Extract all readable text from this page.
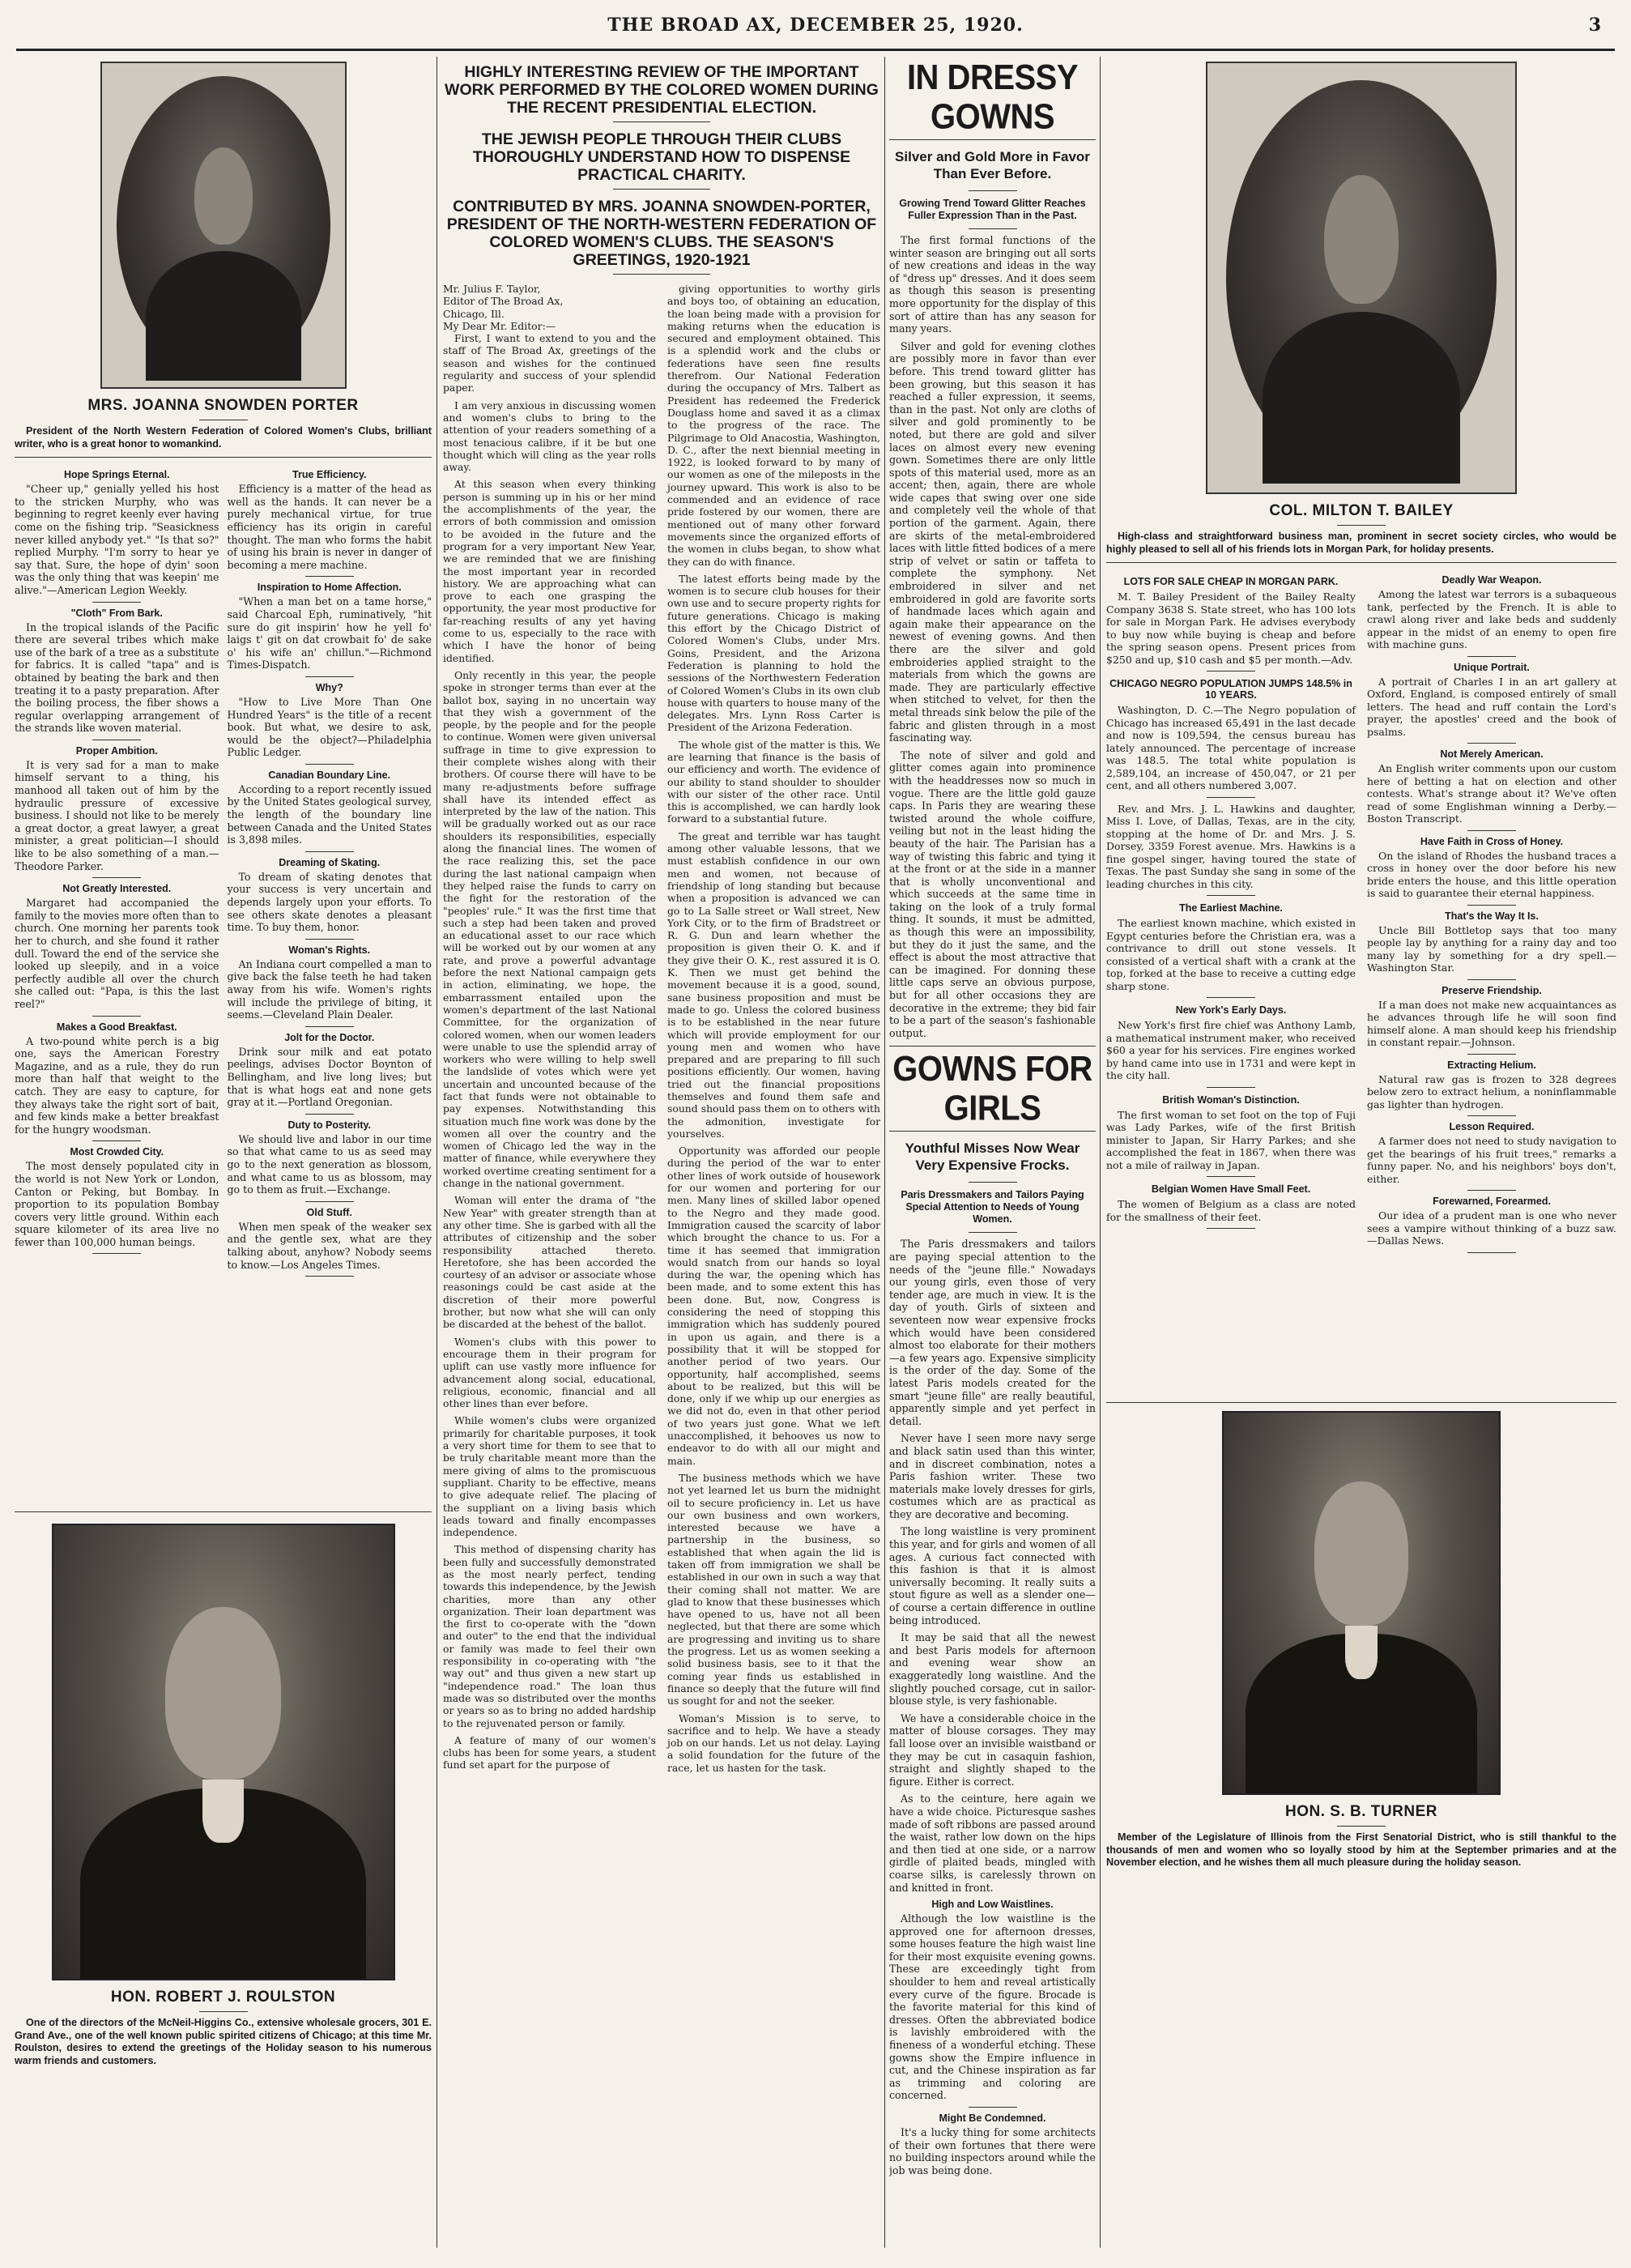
THE BROAD AX, DECEMBER 25, 1920.	3
MRS. JOANNA SNOWDEN PORTER

President of the North Western Federation of Colored Women's Clubs, brilliant writer, who is a great honor to womankind.

Hope Springs Eternal.

"Cheer up," genially yelled his host to the stricken Murphy, who was beginning to regret keenly ever having come on the fishing trip. "Seasickness never killed anybody yet." "Is that so?" replied Murphy. "I'm sorry to hear ye say that. Sure, the hope of dyin' soon was the only thing that was keepin' me alive."—American Legion Weekly.

"Cloth" From Bark.

In the tropical islands of the Pacific there are several tribes which make use of the bark of a tree as a substitute for fabrics. It is called "tapa" and is obtained by beating the bark and then treating it to a pasty preparation. After the boiling process, the fiber shows a regular overlapping arrangement of the strands like woven material.

Proper Ambition.

It is very sad for a man to make himself servant to a thing, his manhood all taken out of him by the hydraulic pressure of excessive business. I should not like to be merely a great doctor, a great lawyer, a great minister, a great politician—I should like to be also something of a man.—Theodore Parker.

Not Greatly Interested.

Margaret had accompanied the family to the movies more often than to church. One morning her parents took her to church, and she found it rather dull. Toward the end of the service she looked up sleepily, and in a voice perfectly audible all over the church she called out: "Papa, is this the last reel?"

Makes a Good Breakfast.

A two-pound white perch is a big one, says the American Forestry Magazine, and as a rule, they do run more than half that weight to the catch. They are easy to capture, for they always take the right sort of bait, and few kinds make a better breakfast for the hungry woodsman.

Most Crowded City.

The most densely populated city in the world is not New York or London, Canton or Peking, but Bombay. In proportion to its population Bombay covers very little ground. Within each square kilometer of its area live no fewer than 100,000 human beings.

True Efficiency.

Efficiency is a matter of the head as well as the hands. It can never be a purely mechanical virtue, for true efficiency has its origin in careful thought. The man who forms the habit of using his brain is never in danger of becoming a mere machine.

Inspiration to Home Affection.

"When a man bet on a tame horse," said Charcoal Eph, ruminatively, "hit sure do git inspirin' how he yell fo' laigs t' git on dat crowbait fo' de sake o' his wife an' chillun."—Richmond Times-Dispatch.

Why?

"How to Live More Than One Hundred Years" is the title of a recent book. But what, we desire to ask, would be the object?—Philadelphia Public Ledger.

Canadian Boundary Line.

According to a report recently issued by the United States geological survey, the length of the boundary line between Canada and the United States is 3,898 miles.

Dreaming of Skating.

To dream of skating denotes that your success is very uncertain and depends largely upon your efforts. To see others skate denotes a pleasant time. To buy them, honor.

Woman's Rights.

An Indiana court compelled a man to give back the false teeth he had taken away from his wife. Women's rights will include the privilege of biting, it seems.—Cleveland Plain Dealer.

Jolt for the Doctor.

Drink sour milk and eat potato peelings, advises Doctor Boynton of Bellingham, and live long lives; but that is what hogs eat and none gets gray at it.—Portland Oregonian.

Duty to Posterity.

We should live and labor in our time so that what came to us as seed may go to the next generation as blossom, and what came to us as blossom, may go to them as fruit.—Exchange.

Old Stuff.

When men speak of the weaker sex and the gentle sex, what are they talking about, anyhow? Nobody seems to know.—Los Angeles Times.

HON. ROBERT J. ROULSTON

One of the directors of the McNeil-Higgins Co., extensive wholesale grocers, 301 E. Grand Ave., one of the well known public spirited citizens of Chicago; at this time Mr. Roulston, desires to extend the greetings of the Holiday season to his numerous warm friends and customers.

HIGHLY INTERESTING REVIEW OF THE IMPORTANT WORK PERFORMED BY THE COLORED WOMEN DURING THE RECENT PRESIDENTIAL ELECTION.
THE JEWISH PEOPLE THROUGH THEIR CLUBS THOROUGHLY UNDERSTAND HOW TO DISPENSE PRACTICAL CHARITY.
CONTRIBUTED BY MRS. JOANNA SNOWDEN-PORTER, PRESIDENT OF THE NORTH-WESTERN FEDERATION OF COLORED WOMEN'S CLUBS. THE SEASON'S GREETINGS, 1920-1921

Mr. Julius F. Taylor,

Editor of The Broad Ax,

Chicago, Ill.

My Dear Mr. Editor:—

First, I want to extend to you and the staff of The Broad Ax, greetings of the season and wishes for the continued regularity and success of your splendid paper.

I am very anxious in discussing women and women's clubs to bring to the attention of your readers something of a most tenacious calibre, if it be but one thought which will cling as the year rolls away.

At this season when every thinking person is summing up in his or her mind the accomplishments of the year, the errors of both commission and omission to be avoided in the future and the program for a very important New Year, we are reminded that we are finishing the most important year in recorded history. We are approaching what can prove to each one grasping the opportunity, the year most productive for far-reaching results of any yet having come to us, especially to the race with which I have the honor of being identified.

Only recently in this year, the people spoke in stronger terms than ever at the ballot box, saying in no uncertain way that they wish a government of the people, by the people and for the people to continue. Women were given universal suffrage in time to give expression to their complete wishes along with their brothers. Of course there will have to be many re-adjustments before suffrage shall have its intended effect as interpreted by the law of the nation. This will be gradually worked out as our race shoulders its responsibilities, especially along the financial lines. The women of the race realizing this, set the pace during the last national campaign when they helped raise the funds to carry on the fight for the restoration of the "peoples' rule." It was the first time that such a step had been taken and proved an educational asset to our race which will be worked out by our women at any rate, and prove a powerful advantage before the next National campaign gets in action, eliminating, we hope, the embarrassment entailed upon the women's department of the last National Committee, for the organization of colored women, when our women leaders were unable to use the splendid array of workers who were willing to help swell the landslide of votes which were yet uncertain and uncounted because of the fact that funds were not obtainable to pay expenses. Notwithstanding this situation much fine work was done by the women all over the country and the women of Chicago led the way in the matter of finance, while everywhere they worked overtime creating sentiment for a change in the national government.

Woman will enter the drama of "the New Year" with greater strength than at any other time. She is garbed with all the attributes of citizenship and the sober responsibility attached thereto. Heretofore, she has been accorded the courtesy of an advisor or associate whose reasonings could be cast aside at the discretion of their more powerful brother, but now what she will can only be discarded at the behest of the ballot.

Women's clubs with this power to encourage them in their program for uplift can use vastly more influence for advancement along social, educational, religious, economic, financial and all other lines than ever before.

While women's clubs were organized primarily for charitable purposes, it took a very short time for them to see that to be truly charitable meant more than the mere giving of alms to the promiscuous suppliant. Charity to be effective, means to give adequate relief. The placing of the suppliant on a living basis which leads toward and finally encompasses independence.

This method of dispensing charity has been fully and successfully demonstrated as the most nearly perfect, tending towards this independence, by the Jewish charities, more than any other organization. Their loan department was the first to co-operate with the "down and outer" to the end that the individual or family was made to feel their own responsibility in co-operating with "the way out" and thus given a new start up "independence road." The loan thus made was so distributed over the months or years so as to bring no added hardship to the rejuvenated person or family.

A feature of many of our women's clubs has been for some years, a student fund set apart for the purpose of

giving opportunities to worthy girls and boys too, of obtaining an education, the loan being made with a provision for making returns when the education is secured and employment obtained. This is a splendid work and the clubs or federations have seen fine results therefrom. Our National Federation during the occupancy of Mrs. Talbert as President has redeemed the Frederick Douglass home and saved it as a climax to the progress of the race. The Pilgrimage to Old Anacostia, Washington, D. C., after the next biennial meeting in 1922, is looked forward to by many of our women as one of the mileposts in the journey upward. This work is also to be commended and an evidence of race pride fostered by our women, there are mentioned out of many other forward movements since the organized efforts of the women in clubs began, to show what they can do with finance.

The latest efforts being made by the women is to secure club houses for their own use and to secure property rights for future generations. Chicago is making this effort by the Chicago District of Colored Women's Clubs, under Mrs. Goins, President, and the Arizona Federation is planning to hold the sessions of the Northwestern Federation of Colored Women's Clubs in its own club house with quarters to house many of the delegates. Mrs. Lynn Ross Carter is President of the Arizona Federation.

The whole gist of the matter is this. We are learning that finance is the basis of our efficiency and worth. The evidence of our ability to stand shoulder to shoulder with our sister of the other race. Until this is accomplished, we can hardly look forward to a substantial future.

The great and terrible war has taught among other valuable lessons, that we must establish confidence in our own men and women, not because of friendship of long standing but because when a proposition is advanced we can go to La Salle street or Wall street, New York City, or to the firm of Bradstreet or R. G. Dun and learn whether the proposition is given their O. K. and if they give their O. K., rest assured it is O. K. Then we must get behind the movement because it is a good, sound, sane business proposition and must be made to go. Unless the colored business is to be established in the near future which will provide employment for our young men and women who have prepared and are preparing to fill such positions efficiently. Our women, having tried out the financial propositions themselves and found them safe and sound should pass them on to others with the admonition, investigate for yourselves.

Opportunity was afforded our people during the period of the war to enter other lines of work outside of housework for our women and portering for our men. Many lines of skilled labor opened to the Negro and they made good. Immigration caused the scarcity of labor which brought the chance to us. For a time it has seemed that immigration would snatch from our hands so loyal during the war, the opening which has been made, and to some extent this has been done. But, now, Congress is considering the need of stopping this immigration which has suddenly poured in upon us again, and there is a possibility that it will be stopped for another period of two years. Our opportunity, half accomplished, seems about to be realized, but this will be done, only if we whip up our energies as we did not do, even in that other period of two years just gone. What we left unaccomplished, it behooves us now to endeavor to do with all our might and main.

The business methods which we have not yet learned let us burn the midnight oil to secure proficiency in. Let us have our own business and own workers, interested because we have a partnership in the business, so established that when again the lid is taken off from immigration we shall be established in our own in such a way that their coming shall not matter. We are glad to know that these businesses which have opened to us, have not all been neglected, but that there are some which are progressing and inviting us to share the progress. Let us as women seeking a solid business basis, see to it that the coming year finds us established in finance so deeply that the future will find us sought for and not the seeker.

Woman's Mission is to serve, to sacrifice and to help. We have a steady job on our hands. Let us not delay. Laying a solid foundation for the future of the race, let us hasten for the task.

IN DRESSY GOWNS
Silver and Gold More in Favor Than Ever Before.
Growing Trend Toward Glitter Reaches Fuller Expression Than in the Past.

The first formal functions of the winter season are bringing out all sorts of new creations and ideas in the way of "dress up" dresses. And it does seem as though this season is presenting more opportunity for the display of this sort of attire than has any season for many years.

Silver and gold for evening clothes are possibly more in favor than ever before. This trend toward glitter has been growing, but this season it has reached a fuller expression, it seems, than in the past. Not only are cloths of silver and gold prominently to be noted, but there are gold and silver laces on almost every new evening gown. Sometimes there are only little spots of this material used, more as an accent; then, again, there are whole wide capes that swing over one side and completely veil the whole of that portion of the garment. Again, there are skirts of the metal-embroidered laces with little fitted bodices of a mere strip of velvet or satin or taffeta to complete the symphony. Net embroidered in silver and net embroidered in gold are favorite sorts of handmade laces which again and again make their appearance on the newest of evening gowns. And then there are the silver and gold embroideries applied straight to the materials from which the gowns are made. They are particularly effective when stitched to velvet, for then the metal threads sink below the pile of the fabric and glisten through in a most fascinating way.

The note of silver and gold and glitter comes again into prominence with the headdresses now so much in vogue. There are the little gold gauze caps. In Paris they are wearing these twisted around the whole coiffure, veiling but not in the least hiding the beauty of the hair. The Parisian has a way of twisting this fabric and tying it at the front or at the side in a manner that is wholly unconventional and which succeeds at the same time in taking on the look of a truly formal thing. It sounds, it must be admitted, as though this were an impossibility, but they do it just the same, and the effect is about the most attractive that can be imagined. For donning these little caps serve an obvious purpose, but for all other occasions they are decorative in the extreme; they bid fair to be a part of the season's fashionable output.

GOWNS FOR GIRLS
Youthful Misses Now Wear Very Expensive Frocks.
Paris Dressmakers and Tailors Paying Special Attention to Needs of Young Women.

The Paris dressmakers and tailors are paying special attention to the needs of the "jeune fille." Nowadays our young girls, even those of very tender age, are much in view. It is the day of youth. Girls of sixteen and seventeen now wear expensive frocks which would have been considered almost too elaborate for their mothers—a few years ago. Expensive simplicity is the order of the day. Some of the latest Paris models created for the smart "jeune fille" are really beautiful, apparently simple and yet perfect in detail.

Never have I seen more navy serge and black satin used than this winter, and in discreet combination, notes a Paris fashion writer. These two materials make lovely dresses for girls, costumes which are as practical as they are decorative and becoming.

The long waistline is very prominent this year, and for girls and women of all ages. A curious fact connected with this fashion is that it is almost universally becoming. It really suits a stout figure as well as a slender one—of course a certain difference in outline being introduced.

It may be said that all the newest and best Paris models for afternoon and evening wear show an exaggeratedly long waistline. And the slightly pouched corsage, cut in sailor-blouse style, is very fashionable.

We have a considerable choice in the matter of blouse corsages. They may fall loose over an invisible waistband or they may be cut in casaquin fashion, straight and slightly shaped to the figure. Either is correct.

As to the ceinture, here again we have a wide choice. Picturesque sashes made of soft ribbons are passed around the waist, rather low down on the hips and then tied at one side, or a narrow girdle of plaited beads, mingled with coarse silks, is carelessly thrown on and knitted in front.

High and Low Waistlines.

Although the low waistline is the approved one for afternoon dresses, some houses feature the high waist line for their most exquisite evening gowns. These are exceedingly tight from shoulder to hem and reveal artistically every curve of the figure. Brocade is the favorite material for this kind of dresses. Often the abbreviated bodice is lavishly embroidered with the fineness of a wonderful etching. These gowns show the Empire influence in cut, and the Chinese inspiration as far as trimming and coloring are concerned.

Might Be Condemned.

It's a lucky thing for some architects of their own fortunes that there were no building inspectors around while the job was being done.

COL. MILTON T. BAILEY

High-class and straightforward business man, prominent in secret society circles, who would be highly pleased to sell all of his friends lots in Morgan Park, for holiday presents.

LOTS FOR SALE CHEAP IN MORGAN PARK.

M. T. Bailey President of the Bailey Realty Company 3638 S. State street, who has 100 lots for sale in Morgan Park. He advises everybody to buy now while buying is cheap and before the spring season opens. Present prices from $250 and up, $10 cash and $5 per month.—Adv.

CHICAGO NEGRO POPULATION JUMPS 148.5% in 10 YEARS.

Washington, D. C.—The Negro population of Chicago has increased 65,491 in the last decade and now is 109,594, the census bureau has lately announced. The percentage of increase was 148.5. The total white population is 2,589,104, an increase of 450,047, or 21 per cent, and all others numbered 3,007.

Rev. and Mrs. J. L. Hawkins and daughter, Miss I. Love, of Dallas, Texas, are in the city, stopping at the home of Dr. and Mrs. J. S. Dorsey, 3359 Forest avenue. Mrs. Hawkins is a fine gospel singer, having toured the state of Texas. The past Sunday she sang in some of the leading churches in this city.

The Earliest Machine.

The earliest known machine, which existed in Egypt centuries before the Christian era, was a contrivance to drill out stone vessels. It consisted of a vertical shaft with a crank at the top, forked at the base to receive a cutting edge sharp stone.

New York's Early Days.

New York's first fire chief was Anthony Lamb, a mathematical instrument maker, who received $60 a year for his services. Fire engines worked by hand came into use in 1731 and were kept in the city hall.

British Woman's Distinction.

The first woman to set foot on the top of Fuji was Lady Parkes, wife of the first British minister to Japan, Sir Harry Parkes; and she accomplished the feat in 1867, when there was not a mile of railway in Japan.

Belgian Women Have Small Feet.

The women of Belgium as a class are noted for the smallness of their feet.

Deadly War Weapon.

Among the latest war terrors is a subaqueous tank, perfected by the French. It is able to crawl along river and lake beds and suddenly appear in the midst of an enemy to open fire with machine guns.

Unique Portrait.

A portrait of Charles I in an art gallery at Oxford, England, is composed entirely of small letters. The head and ruff contain the Lord's prayer, the apostles' creed and the book of psalms.

Not Merely American.

An English writer comments upon our custom here of betting a hat on election and other contests. What's strange about it? We've often read of some Englishman winning a Derby.—Boston Transcript.

Have Faith in Cross of Honey.

On the island of Rhodes the husband traces a cross in honey over the door before his new bride enters the house, and this little operation is said to guarantee their eternal happiness.

That's the Way It Is.

Uncle Bill Bottletop says that too many people lay by anything for a rainy day and too many lay by something for a dry spell.—Washington Star.

Preserve Friendship.

If a man does not make new acquaintances as he advances through life he will soon find himself alone. A man should keep his friendship in constant repair.—Johnson.

Extracting Helium.

Natural raw gas is frozen to 328 degrees below zero to extract helium, a noninflammable gas lighter than hydrogen.

Lesson Required.

A farmer does not need to study navigation to get the bearings of his fruit trees," remarks a funny paper. No, and his neighbors' boys don't, either.

Forewarned, Forearmed.

Our idea of a prudent man is one who never sees a vampire without thinking of a buzz saw.—Dallas News.

HON. S. B. TURNER

Member of the Legislature of Illinois from the First Senatorial District, who is still thankful to the thousands of men and women who so loyally stood by him at the September primaries and at the November election, and he wishes them all much pleasure during the holiday season.
